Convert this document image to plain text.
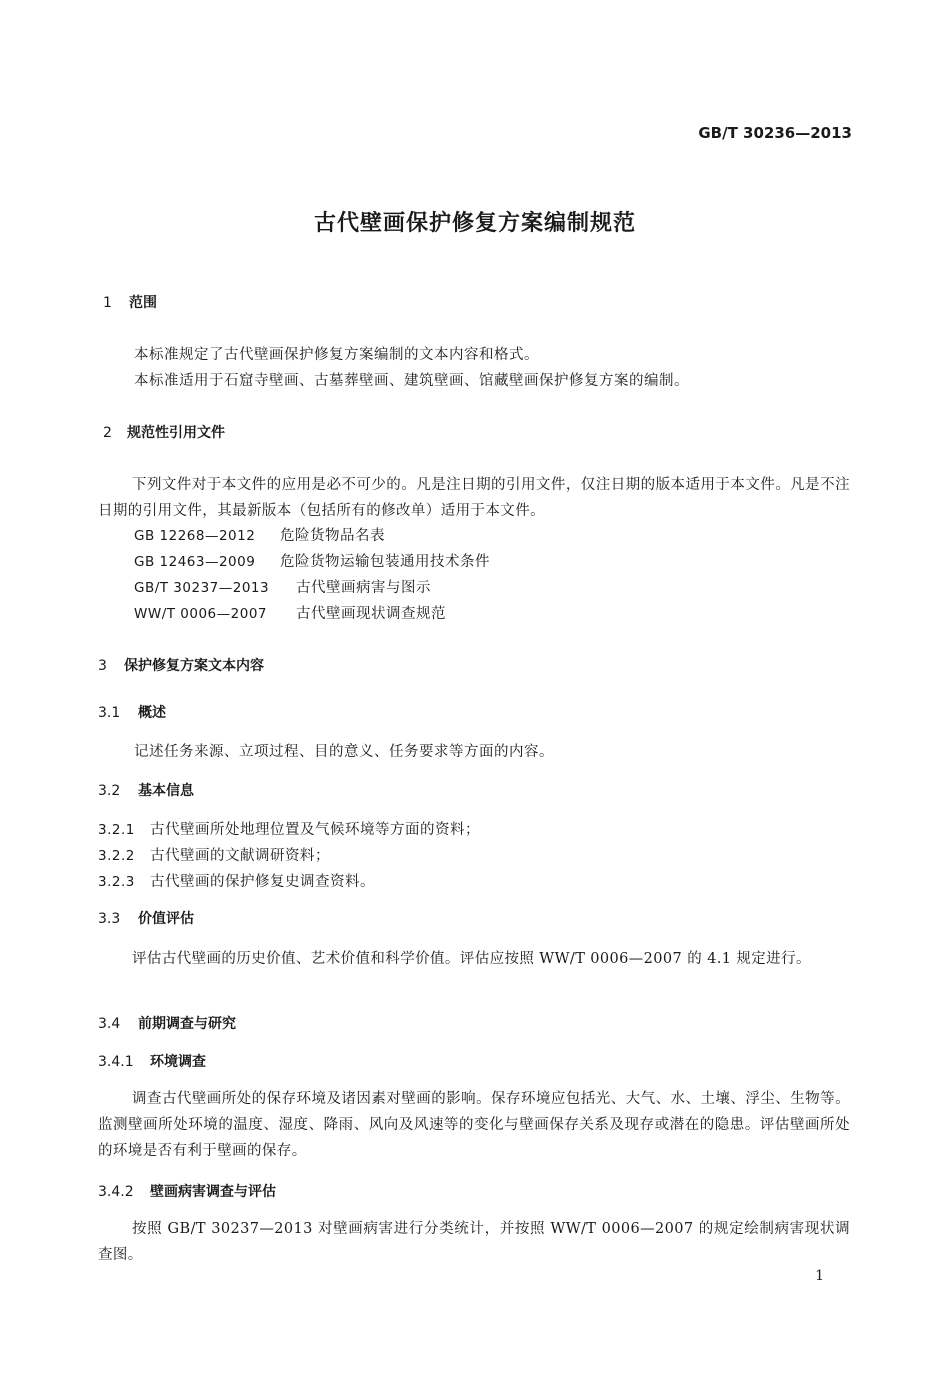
GB/T 30236—2013
古代壁画保护修复方案编制规范
1 范围
本标准规定了古代壁画保护修复方案编制的文本内容和格式。
本标准适用于石窟寺壁画、古墓葬壁画、建筑壁画、馆藏壁画保护修复方案的编制。
2 规范性引用文件
下列文件对于本文件的应用是必不可少的。凡是注日期的引用文件，仅注日期的版本适用于本文件。凡是不注日期的引用文件，其最新版本（包括所有的修改单）适用于本文件。
GB 12268—2012 危险货物品名表
GB 12463—2009 危险货物运输包装通用技术条件
GB/T 30237—2013 古代壁画病害与图示
WW/T 0006—2007 古代壁画现状调查规范
3 保护修复方案文本内容
3.1 概述
记述任务来源、立项过程、目的意义、任务要求等方面的内容。
3.2 基本信息
3.2.1 古代壁画所处地理位置及气候环境等方面的资料；
3.2.2 古代壁画的文献调研资料；
3.2.3 古代壁画的保护修复史调查资料。
3.3 价值评估
评估古代壁画的历史价值、艺术价值和科学价值。评估应按照 WW/T 0006—2007 的 4.1 规定进行。
3.4 前期调查与研究
3.4.1 环境调查
调查古代壁画所处的保存环境及诸因素对壁画的影响。保存环境应包括光、大气、水、土壤、浮尘、生物等。监测壁画所处环境的温度、湿度、降雨、风向及风速等的变化与壁画保存关系及现存或潜在的隐患。评估壁画所处的环境是否有利于壁画的保存。
3.4.2 壁画病害调查与评估
按照 GB/T 30237—2013 对壁画病害进行分类统计，并按照 WW/T 0006—2007 的规定绘制病害现状调查图。
1
